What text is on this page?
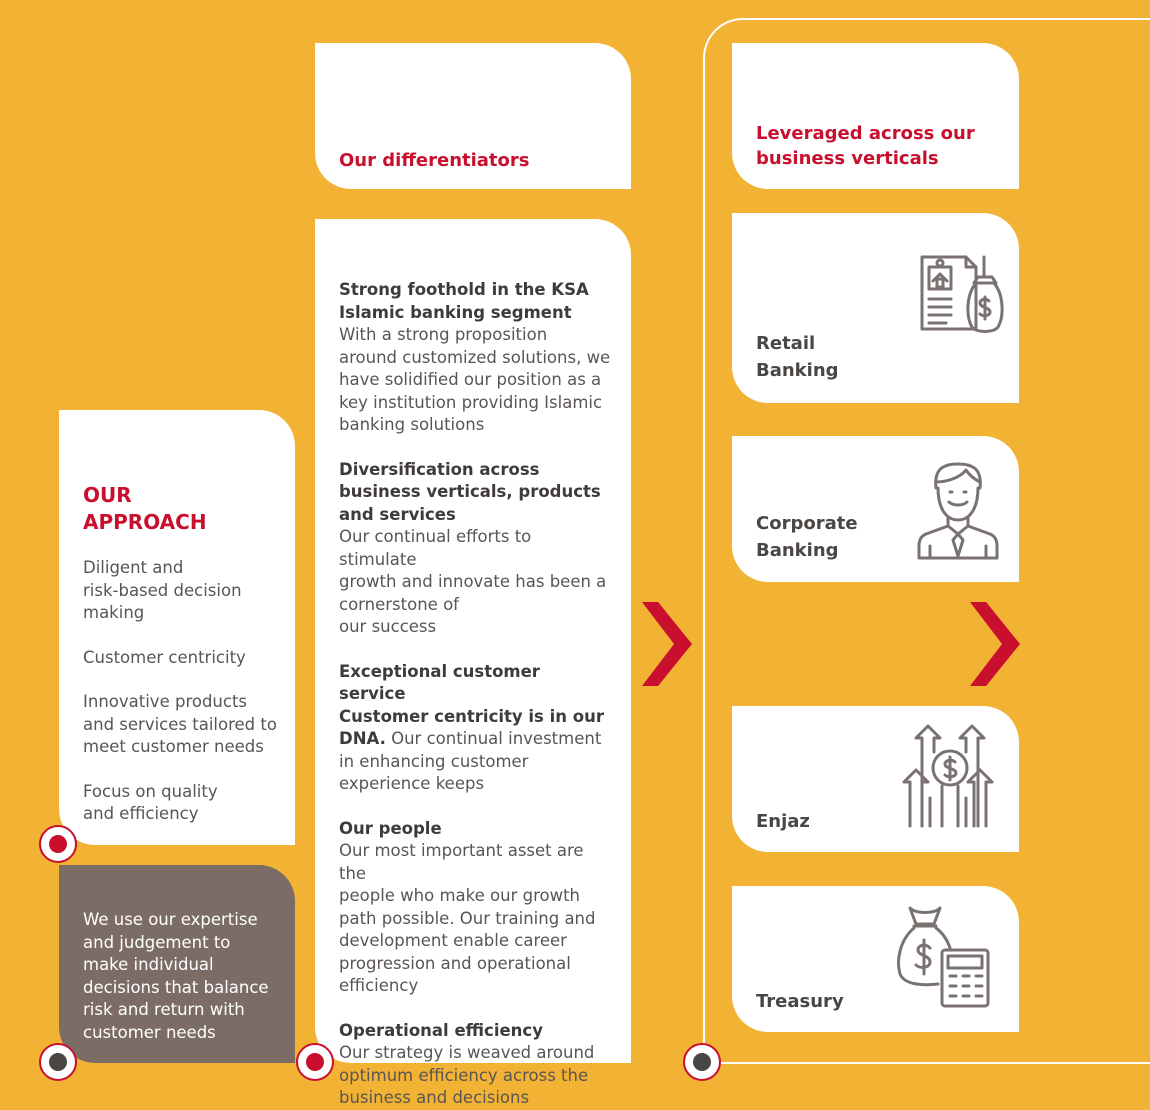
OUR
APPROACH
Diligent and
risk-based decision
making
Customer centricity
Innovative products
and services tailored to
meet customer needs
Focus on quality
and efficiency
We use our expertise
and judgement to
make individual
decisions that balance
risk and return with
customer needs
Our differentiators
Strong foothold in the KSA
Islamic banking segment
With a strong proposition
around customized solutions, we
have solidified our position as a
key institution providing Islamic
banking solutions
Diversification across
business verticals, products
and services
Our continual efforts to stimulate
growth and innovate has been a
cornerstone of
our success
Exceptional customer service
Customer centricity is in our
DNA. Our continual investment
in enhancing customer
experience keeps
Our people
Our most important asset are the
people who make our growth
path possible. Our training and
development enable career
progression and operational
efficiency
Operational efficiency
Our strategy is weaved around
optimum efficiency across the
business and decisions
Leveraged across our
business verticals
Retail
Banking
Corporate
Banking
Enjaz
Treasury
